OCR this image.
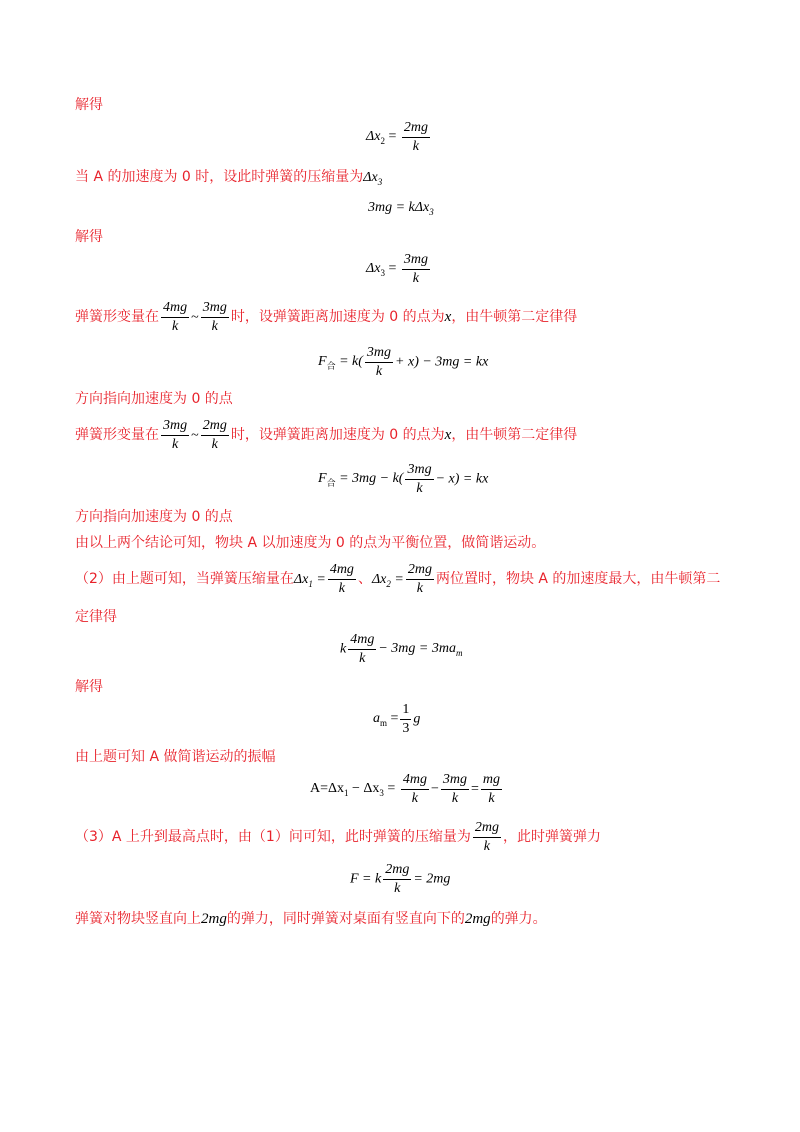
解得
$\Delta x_2 = \frac{2mg}{k}$
当 A 的加速度为 0 时，设此时弹簧的压缩量为$\Delta x_3$
3mg = kΔx$_3$
解得
$\Delta x_3 = \frac{3mg}{k}$
弹簧形变量在 $\frac{4mg}{k}$ ~ $\frac{3mg}{k}$ 时，设弹簧距离加速度为 0 的点为x，由牛顿第二定律得
$F_合 = k( \frac{3mg}{k} + x) - 3mg$ = kx
方向指向加速度为 0 的点
弹簧形变量在 $\frac{3mg}{k}$ ~ $\frac{2mg}{k}$ 时，设弹簧距离加速度为 0 的点为x，由牛顿第二定律得
$F_合 = 3mg - k( \frac{3mg}{k} - x)$ = kx
方向指向加速度为 0 的点
由以上两个结论可知，物块 A 以加速度为 0 的点为平衡位置，做简谐运动。
（2）由上题可知，当弹簧压缩量在$\Delta x_1 = \frac{4mg}{k}$ 、$\Delta x_2 = \frac{2mg}{k}$ 两位置时，物块 A 的加速度最大，由牛顿第二
定律得
k $\frac{4mg}{k} - 3mg = 3ma_m$
解得
$a_m = \frac{1}{3}$ g
由上题可知 A 做简谐运动的振幅
$A=\Delta x_1 - \Delta x_3 = \frac{4mg}{k} - \frac{3mg}{k} = \frac{mg}{k}$
（3）A 上升到最高点时，由（1）问可知，此时弹簧的压缩量为 $\frac{2mg}{k}$ ，此时弹簧弹力
F = k $\frac{2mg}{k} = 2mg$
弹簧对物块竖直向上2mg的弹力，同时弹簧对桌面有竖直向下的2mg的弹力。
